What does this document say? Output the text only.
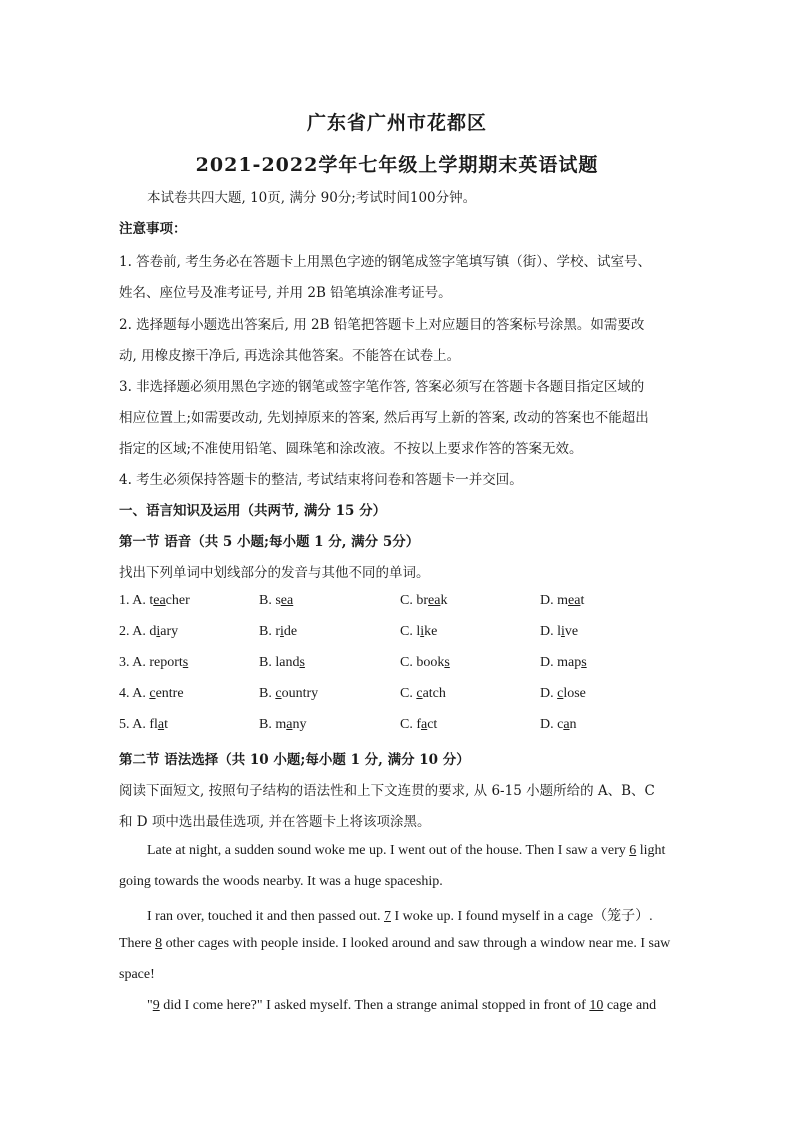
广东省广州市花都区
2021-2022学年七年级上学期期末英语试题
本试卷共四大题, 10页, 满分 90分;考试时间100分钟。
注意事项：
1. 答卷前, 考生务必在答题卡上用黑色字迹的钢笔成签字笔填写镇（街）、学校、试室号、
姓名、座位号及准考证号, 并用 2B 铅笔填涂准考证号。
2. 选择题每小题选出答案后, 用 2B 铅笔把答题卡上对应题目的答案标号涂黑。如需要改
动, 用橡皮擦干净后, 再选涂其他答案。不能答在试卷上。
3. 非选择题必须用黑色字迹的钢笔或签字笔作答, 答案必须写在答题卡各题目指定区域的
相应位置上;如需要改动, 先划掉原来的答案, 然后再写上新的答案, 改动的答案也不能超出
指定的区域;不准使用铅笔、圆珠笔和涂改液。不按以上要求作答的答案无效。
4. 考生必须保持答题卡的整洁, 考试结束将问卷和答题卡一并交回。
一、语言知识及运用（共两节, 满分 15 分）
第一节 语音（共 5 小题;每小题 1 分, 满分 5分）
找出下列单词中划线部分的发音与其他不同的单词。
1. A. teacher	B. sea	C. break	D. meat
2. A. diary	B. ride	C. like	D. live
3. A. reports	B. lands	C. books	D. maps
4. A. centre	B. country	C. catch	D. close
5. A. flat	B. many	C. fact	D. can
第二节 语法选择（共 10 小题;每小题 1 分, 满分 10 分）
阅读下面短文, 按照句子结构的语法性和上下文连贯的要求, 从 6-15 小题所给的 A、B、C
和 D 项中选出最佳选项, 并在答题卡上将该项涂黑。
Late at night, a sudden sound woke me up. I went out of the house. Then I saw a very 6 light
going towards the woods nearby. It was a huge spaceship.
I ran over, touched it and then passed out. 7 I woke up. I found myself in a cage（笼子）.
There 8 other cages with people inside. I looked around and saw through a window near me. I saw
space!
"9 did I come here?" I asked myself. Then a strange animal stopped in front of 10 cage and
